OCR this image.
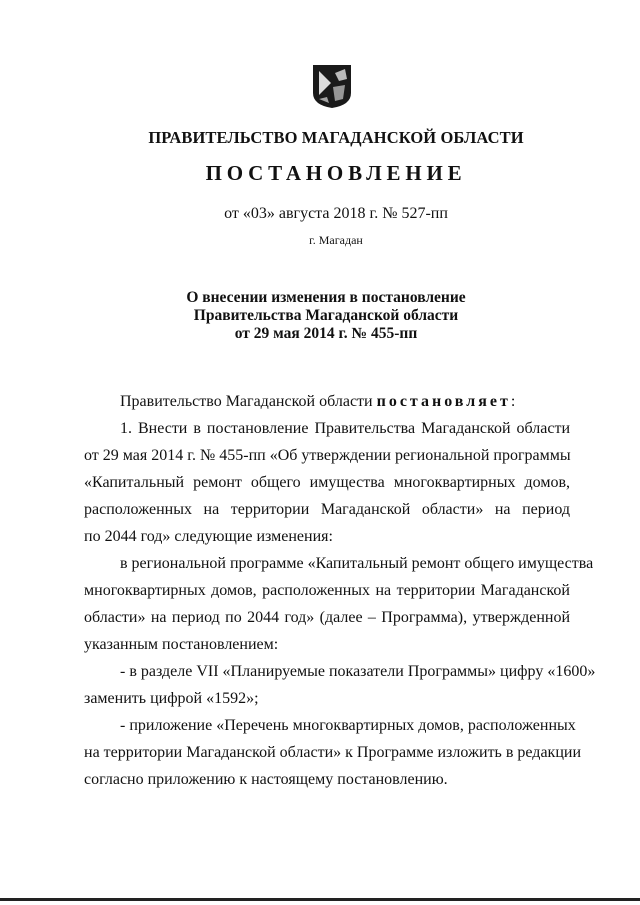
ПРАВИТЕЛЬСТВО МАГАДАНСКОЙ ОБЛАСТИ
ПОСТАНОВЛЕНИЕ
от «03» августа 2018 г. № 527-пп
г. Магадан
О внесении изменения в постановление
Правительства Магаданской области
от 29 мая 2014 г. № 455-пп
Правительство Магаданской области постановляет:
1. Внести в постановление Правительства Магаданской области
от 29 мая 2014 г. № 455-пп «Об утверждении региональной программы
«Капитальный ремонт общего имущества многоквартирных домов,
расположенных на территории Магаданской области» на период
по 2044 год» следующие изменения:
в региональной программе «Капитальный ремонт общего имущества
многоквартирных домов, расположенных на территории Магаданской
области» на период по 2044 год» (далее – Программа), утвержденной
указанным постановлением:
- в разделе VII «Планируемые показатели Программы» цифру «1600»
заменить цифрой «1592»;
- приложение «Перечень многоквартирных домов, расположенных
на территории Магаданской области» к Программе изложить в редакции
согласно приложению к настоящему постановлению.
